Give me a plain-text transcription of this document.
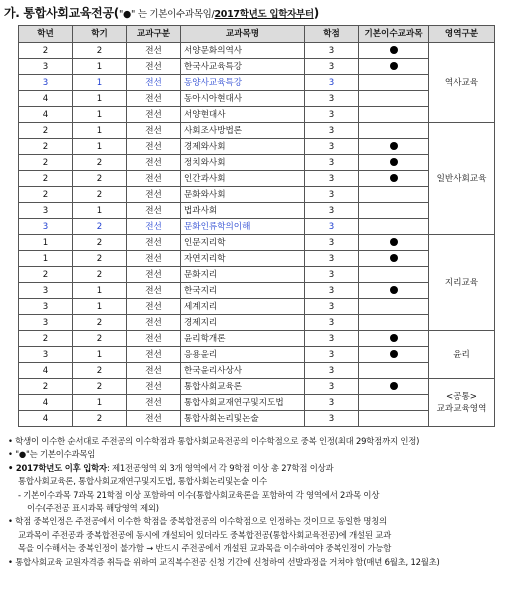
가. 통합사회교육전공("●" 는 기본이수과목임/2017학년도 입학자부터)
학년	학기	교과구분	교과목명	학점	기본이수교과목	영역구분
2	2	전선	서양문화의역사	3		역사교육
3	1	전선	한국사교육특강	3		
3	1	전선	동양사교육특강	3		
4	1	전선	동아시아현대사	3		
4	1	전선	서양현대사	3		
2	1	전선	사회조사방법론	3		일반사회교육
2	1	전선	경제와사회	3		
2	2	전선	정치와사회	3		
2	2	전선	인간과사회	3		
2	2	전선	문화와사회	3		
3	1	전선	법과사회	3		
3	2	전선	문화인류학의이해	3		
1	2	전선	인문지리학	3		지리교육
1	2	전선	자연지리학	3		
2	2	전선	문화지리	3		
3	1	전선	한국지리	3		
3	1	전선	세계지리	3		
3	2	전선	경제지리	3		
2	2	전선	윤리학개론	3		윤리
3	1	전선	응용윤리	3		
4	2	전선	한국윤리사상사	3		
2	2	전선	통합사회교육론	3		<공통>
교과교육영역
4	1	전선	통합사회교재연구및지도법	3		
4	2	전선	통합사회논리및논술	3		

• 학생이 이수한 순서대로 주전공의 이수학점과 통합사회교육전공의 이수학점으로 중복 인정(최대 29학점까지 인정)

• "●"는 기본이수과목임

• 2017학년도 이후 입학자: 제1전공영역 외 3개 영역에서 각 9학점 이상 총 27학점 이상과

통합사회교육론, 통합사회교재연구및지도법, 통합사회논리및논술 이수

- 기본이수과목 7과목 21학점 이상 포함하여 이수(통합사회교육론을 포함하여 각 영역에서 2과목 이상

이수(주전공 표시과목 해당영역 제외)

• 학점 중복인정은 주전공에서 이수한 학점을 중복합전공의 이수학점으로 인정하는 것이므로 동일한 명칭의

교과목이 주전공과 중복합전공에 동시에 개설되어 있더라도 중복합전공(통합사회교육전공)에 개설된 교과

목을 이수해서는 중복인정이 불가함 → 반드시 주전공에서 개설된 교과목을 이수하여야 중복인정이 가능함

• 통합사회교육 교원자격증 취득을 위하여 교직복수전공 신청 기간에 신청하여 선발과정을 거쳐야 함(매년 6월초, 12월초)
